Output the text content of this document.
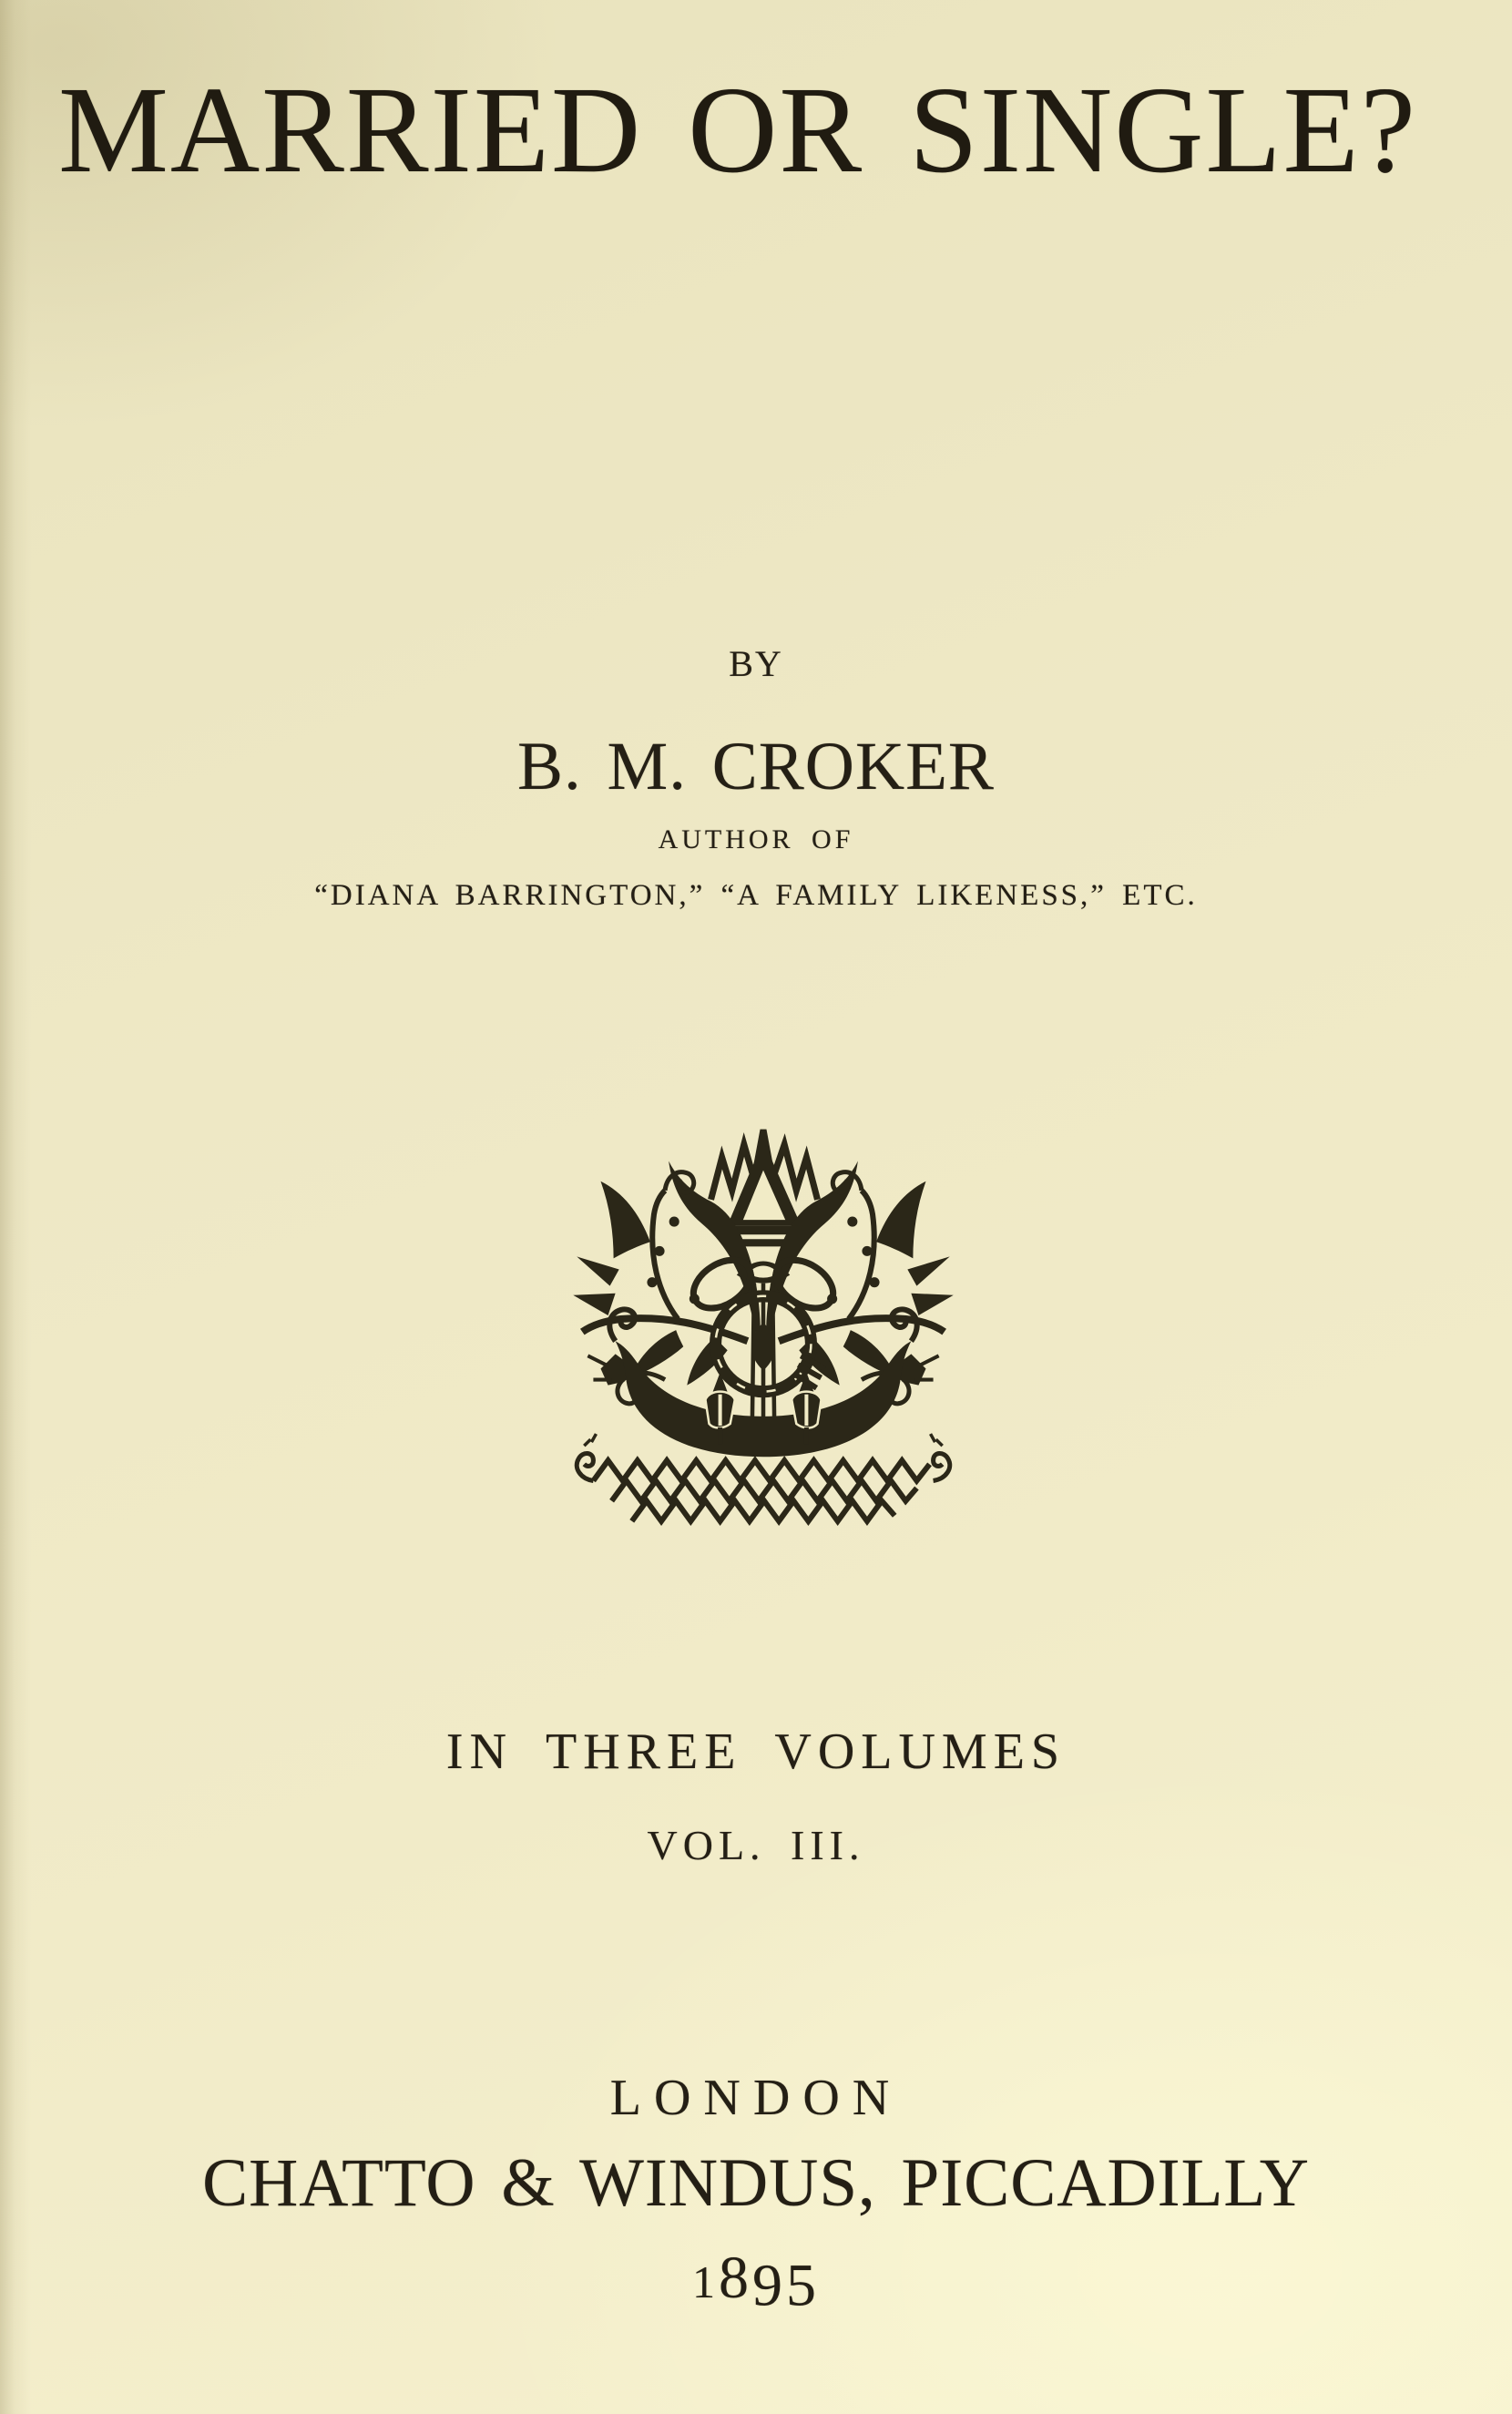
MARRIED OR SINGLE?
BY
B. M. CROKER
AUTHOR OF
“DIANA BARRINGTON,” “A FAMILY LIKENESS,” ETC.
IN THREE VOLUMES
VOL. III.
LONDON
CHATTO & WINDUS, PICCADILLY
1895
